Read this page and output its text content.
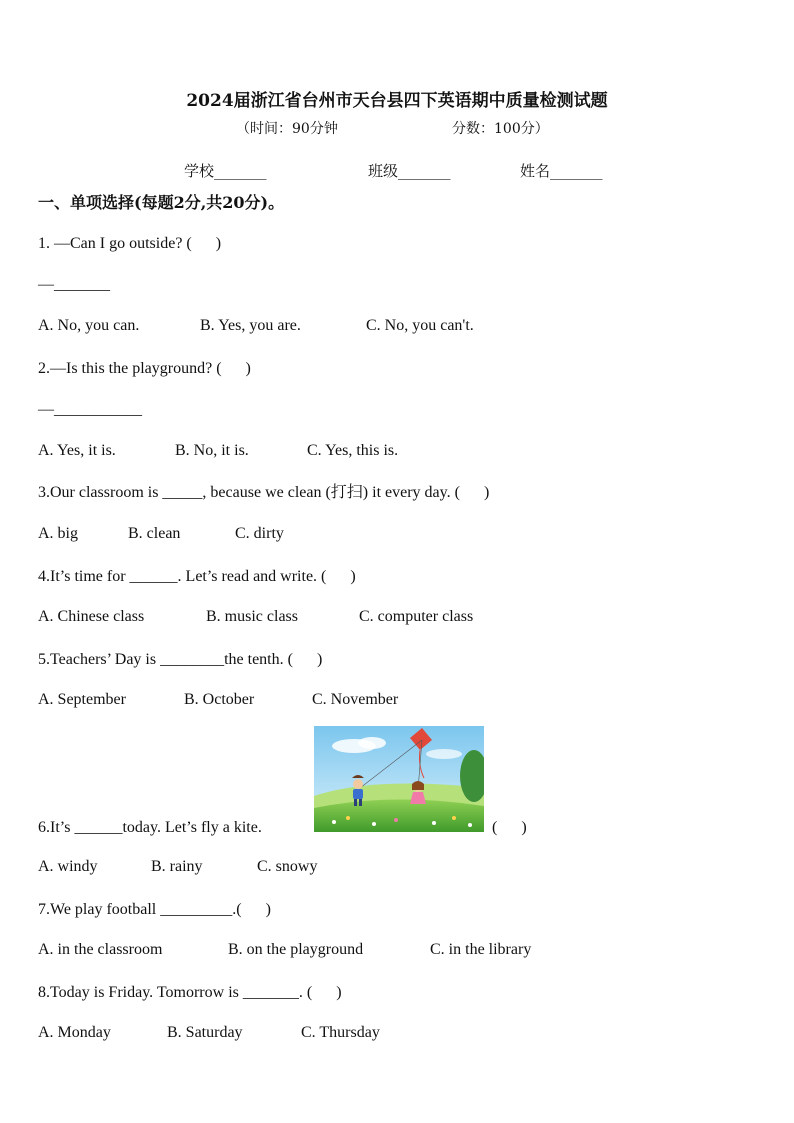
2024届浙江省台州市天台县四下英语期中质量检测试题
（时间：90分钟	分数：100分）
学校_______	班级_______	姓名_______
一、单项选择(每题2分,共20分)。
1. —Can I go outside? (      )
—_______
A. No, you can.	B. Yes, you are.	C. No, you can't.
2.—Is this the playground? (      )
—___________
A. Yes, it is.	B. No, it is.	C. Yes, this is.
3.Our classroom is _____, because we clean (打扫) it every day. (      )
A. big	B. clean	C. dirty
4.It’s time for ______. Let’s read and write. (      )
A. Chinese class	B. music class	C. computer class
5.Teachers’ Day is ________the tenth. (      )
A. September	B. October	C. November
6.It’s ______today. Let’s fly a kite.	(      )
A. windy	B. rainy	C. snowy
7.We play football _________.(      )
A. in the classroom	B. on the playground	C. in the library
8.Today is Friday. Tomorrow is _______. (      )
A. Monday	B. Saturday	C. Thursday
